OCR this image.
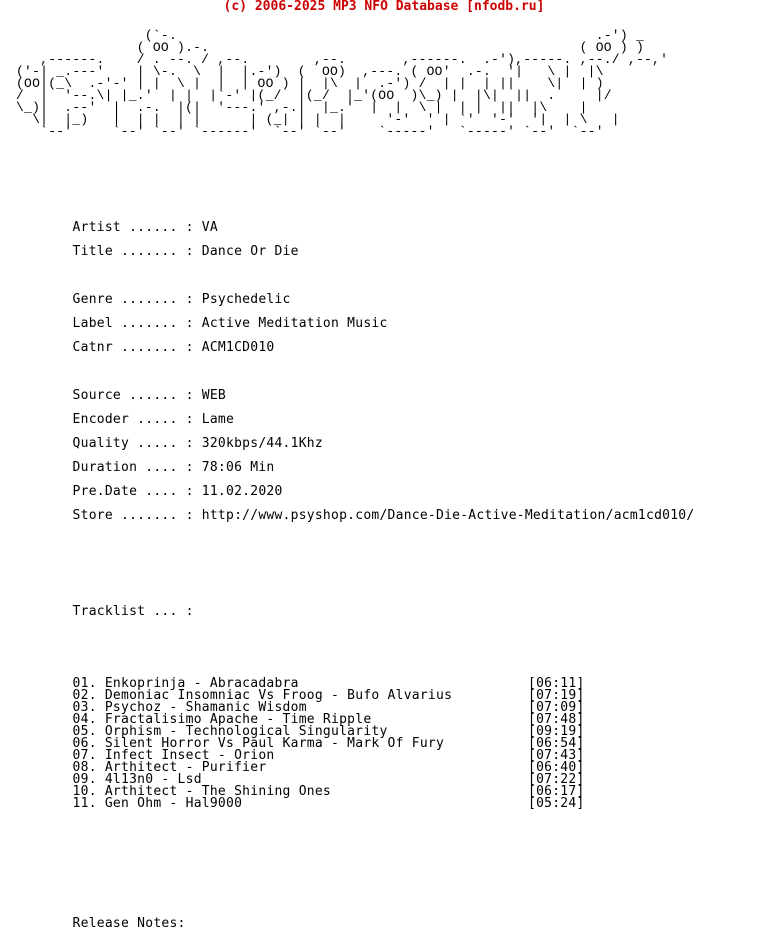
(c) 2006-2025 MP3 NFO Database [nfodb.ru]

(`-.                                                    .-') _
( OO ).-.                                              ( OO ) )
,------.    / . --. / ,--.        ,--.       ,------.  .-'),-----. ,--./ ,--,'
('-| _.---'    | \-.  \  |  |.-')  (  OO)  ,---. ( OO'  .-.  '|   \ |  |\
(OO|(_\  .-'-' | |  \ |  |  | OO ) |  |\  |  .-') /  | |  | ||    \|  | )
/  |  '--.\| |_.'  | |  |`-' |(_/  |(_/  |_'(OO  )\_) |  |\|  ||  .     |/
\_)|  .--'  |  .-.  |(|  '---.' ,-.|  |_.'  |  |  \ |  | |  ||  |\    |
\|  |_)   |  | |  | |      | (_| | |  |     '-'  ' | `'  '-'  '|  | \   |
`--'     `--' `--' `------'  `--' `--'    `-----'   `-----' `--'  `--'

Artist ...... : VA

Title ....... : Dance Or Die

Genre ....... : Psychedelic

Label ....... : Active Meditation Music

Catnr ....... : ACM1CD010

Source ...... : WEB

Encoder ..... : Lame

Quality ..... : 320kbps/44.1Khz

Duration .... : 78:06 Min

Pre.Date .... : 11.02.2020

Store ....... : http://www.psyshop.com/Dance-Die-Active-Meditation/acm1cd010/

Tracklist ... :

01. Enkoprinja - Abracadabra	[06:11]
02. Demoniac Insomniac Vs Froog - Bufo Alvarius	[07:19]
03. Psychoz - Shamanic Wisdom	[07:09]
04. Fractalisimo Apache - Time Ripple	[07:48]
05. Orphism - Technological Singularity	[09:19]
06. Silent Horror Vs Paul Karma - Mark Of Fury	[06:54]
07. Infect Insect - Orion	[07:43]
08. Arthitect - Purifier	[06:40]
09. 4l13n0 - Lsd	[07:22]
10. Arthitect - The Shining Ones	[06:17]
11. Gen Ohm - Hal9000	[05:24]

Release Notes:
